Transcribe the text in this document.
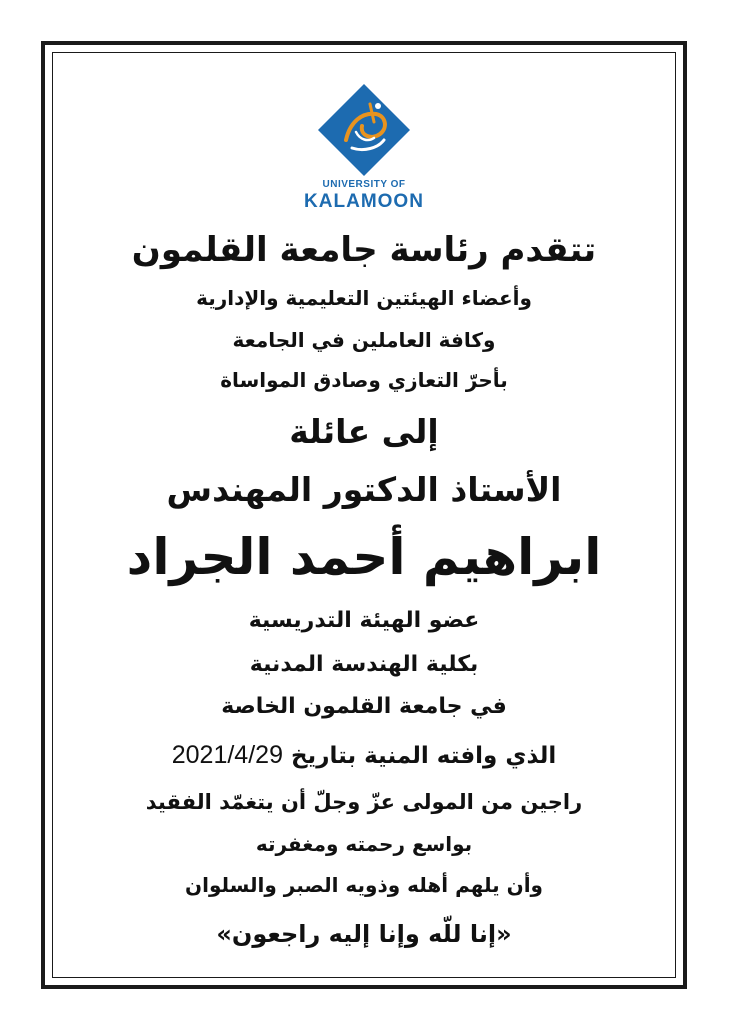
UNIVERSITY OF
KALAMOON
تتقدم رئاسة جامعة القلمون
وأعضاء الهيئتين التعليمية والإدارية
وكافة العاملين في الجامعة
بأحرّ التعازي وصادق المواساة
إلى عائلة
الأستاذ الدكتور المهندس
ابراهيم أحمد الجراد
عضو الهيئة التدريسية
بكلية الهندسة المدنية
في جامعة القلمون الخاصة
الذي وافته المنية بتاريخ 2021/4/29
راجين من المولى عزّ وجلّ أن يتغمّد الفقيد
بواسع رحمته ومغفرته
وأن يلهم أهله وذويه الصبر والسلوان
«إنا للّه وإنا إليه راجعون»
